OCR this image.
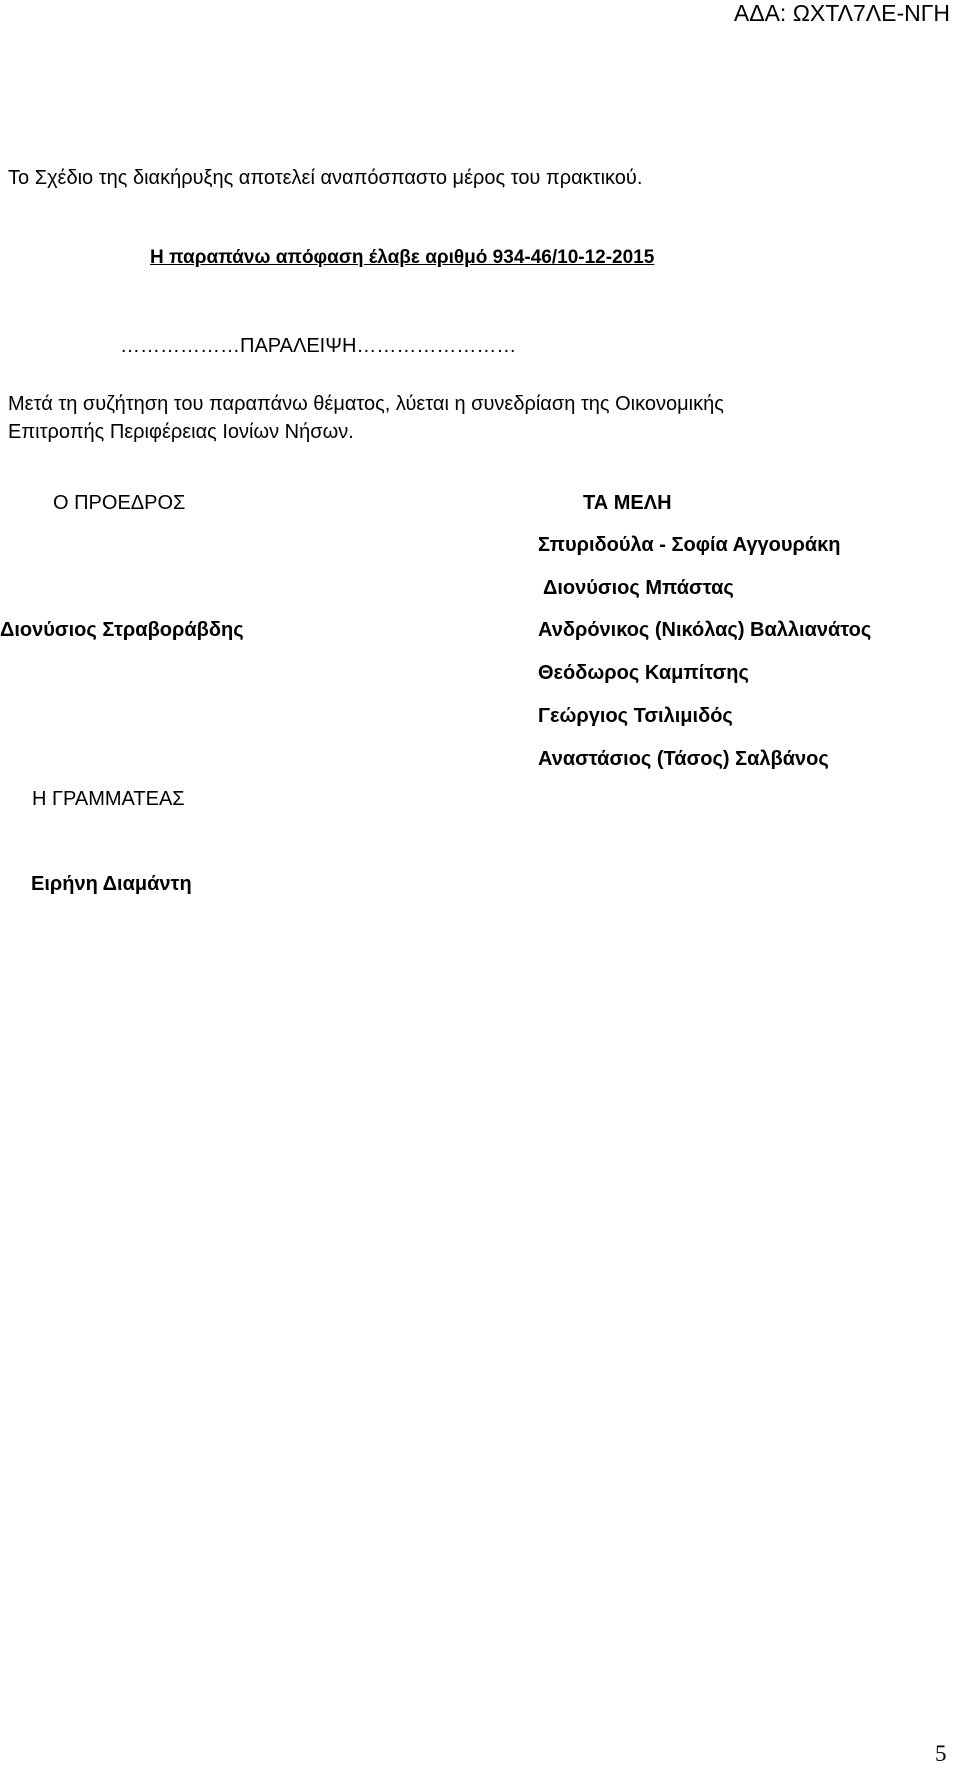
ΑΔΑ: ΩΧΤΛ7ΛΕ-ΝΓΗ
Το Σχέδιο της διακήρυξης αποτελεί αναπόσπαστο μέρος του πρακτικού.
Η παραπάνω απόφαση έλαβε αριθμό 934-46/10-12-2015
………………ΠΑΡΑΛΕΙΨΗ……………………
Μετά τη συζήτηση του παραπάνω θέματος, λύεται η συνεδρίαση της Οικονομικής
Επιτροπής Περιφέρειας Ιονίων Νήσων.
Ο ΠΡΟΕΔΡΟΣ
Διονύσιος Στραβοράβδης
Η ΓΡΑΜΜΑΤΕΑΣ
Ειρήνη Διαμάντη
ΤΑ ΜΕΛΗ
Σπυριδούλα - Σοφία Αγγουράκη
Διονύσιος Μπάστας
Ανδρόνικος (Νικόλας) Βαλλιανάτος
Θεόδωρος Καμπίτσης
Γεώργιος Τσιλιμιδός
Αναστάσιος (Τάσος) Σαλβάνος
5
